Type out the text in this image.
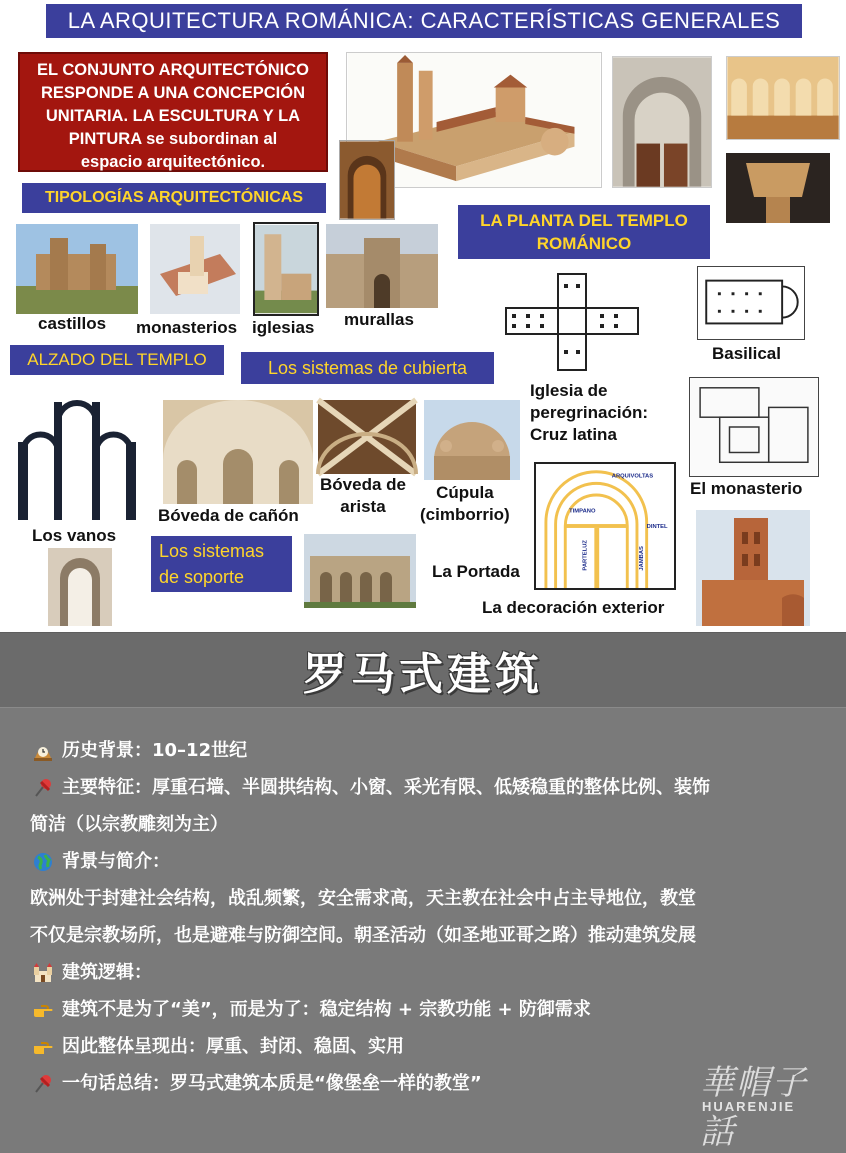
LA ARQUITECTURA ROMÁNICA: CARACTERÍSTICAS GENERALES
EL CONJUNTO ARQUITECTÓNICO
RESPONDE A UNA CONCEPCIÓN
UNITARIA. LA ESCULTURA Y LA
PINTURA se subordinan al
espacio arquitectónico.
TIPOLOGÍAS ARQUITECTÓNICAS
LA PLANTA DEL TEMPLO
ROMÁNICO
castillos monasterios iglesias murallas
Basilical
ALZADO DEL TEMPLO	Los sistemas de cubierta
Iglesia de
peregrinación:
Cruz latina
El monasterio
Bóveda de cañón
Bóveda de
arista
Cúpula
(cimborrio)
ARQUIVOLTAS
TIMPANO
DINTEL
PARTELUZ	JAMBAS
Los vanos
Los sistemas
de soporte	La Portada
La decoración exterior
罗马式建筑
历史背景：10–12世纪
主要特征：厚重石墙、半圆拱结构、小窗、采光有限、低矮稳重的整体比例、装饰
简洁（以宗教雕刻为主）
背景与简介：
欧洲处于封建社会结构，战乱频繁，安全需求高，天主教在社会中占主导地位，教堂
不仅是宗教场所，也是避难与防御空间。朝圣活动（如圣地亚哥之路）推动建筑发展
建筑逻辑：
建筑不是为了“美”，而是为了：稳定结构 + 宗教功能 + 防御需求
因此整体呈现出：厚重、封闭、稳固、实用
一句话总结：罗马式建筑本质是“像堡垒一样的教堂”	華帽子話
HUARENJIE
